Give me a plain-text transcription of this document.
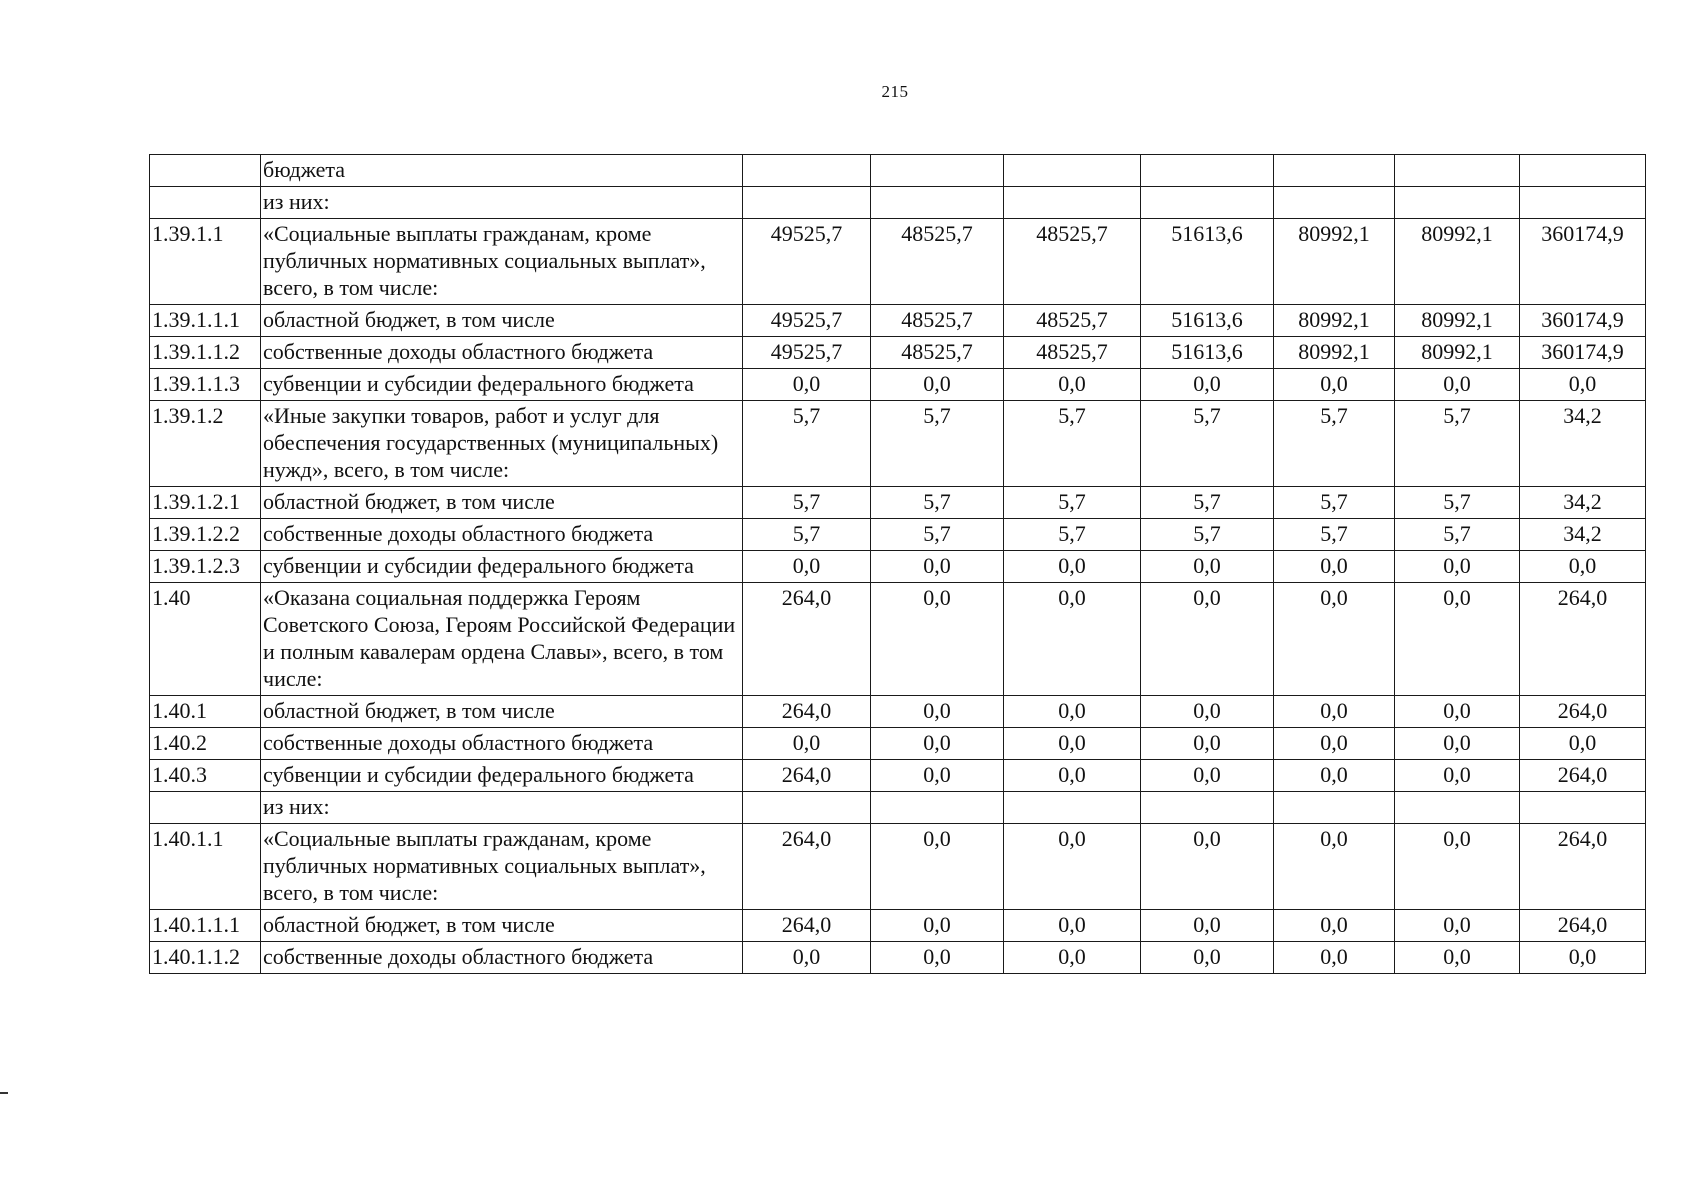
215
	бюджета							
	из них:							
1.39.1.1	«Социальные выплаты гражданам, кроме публичных нормативных социальных выплат», всего, в том числе:	49525,7	48525,7	48525,7	51613,6	80992,1	80992,1	360174,9
1.39.1.1.1	областной бюджет, в том числе	49525,7	48525,7	48525,7	51613,6	80992,1	80992,1	360174,9
1.39.1.1.2	собственные доходы областного бюджета	49525,7	48525,7	48525,7	51613,6	80992,1	80992,1	360174,9
1.39.1.1.3	субвенции и субсидии федерального бюджета	0,0	0,0	0,0	0,0	0,0	0,0	0,0
1.39.1.2	«Иные закупки товаров, работ и услуг для обеспечения государственных (муниципальных) нужд», всего, в том числе:	5,7	5,7	5,7	5,7	5,7	5,7	34,2
1.39.1.2.1	областной бюджет, в том числе	5,7	5,7	5,7	5,7	5,7	5,7	34,2
1.39.1.2.2	собственные доходы областного бюджета	5,7	5,7	5,7	5,7	5,7	5,7	34,2
1.39.1.2.3	субвенции и субсидии федерального бюджета	0,0	0,0	0,0	0,0	0,0	0,0	0,0
1.40	«Оказана социальная поддержка Героям Советского Союза, Героям Российской Федерации и полным кавалерам ордена Славы», всего, в том числе:	264,0	0,0	0,0	0,0	0,0	0,0	264,0
1.40.1	областной бюджет, в том числе	264,0	0,0	0,0	0,0	0,0	0,0	264,0
1.40.2	собственные доходы областного бюджета	0,0	0,0	0,0	0,0	0,0	0,0	0,0
1.40.3	субвенции и субсидии федерального бюджета	264,0	0,0	0,0	0,0	0,0	0,0	264,0
	из них:							
1.40.1.1	«Социальные выплаты гражданам, кроме публичных нормативных социальных выплат», всего, в том числе:	264,0	0,0	0,0	0,0	0,0	0,0	264,0
1.40.1.1.1	областной бюджет, в том числе	264,0	0,0	0,0	0,0	0,0	0,0	264,0
1.40.1.1.2	собственные доходы областного бюджета	0,0	0,0	0,0	0,0	0,0	0,0	0,0
